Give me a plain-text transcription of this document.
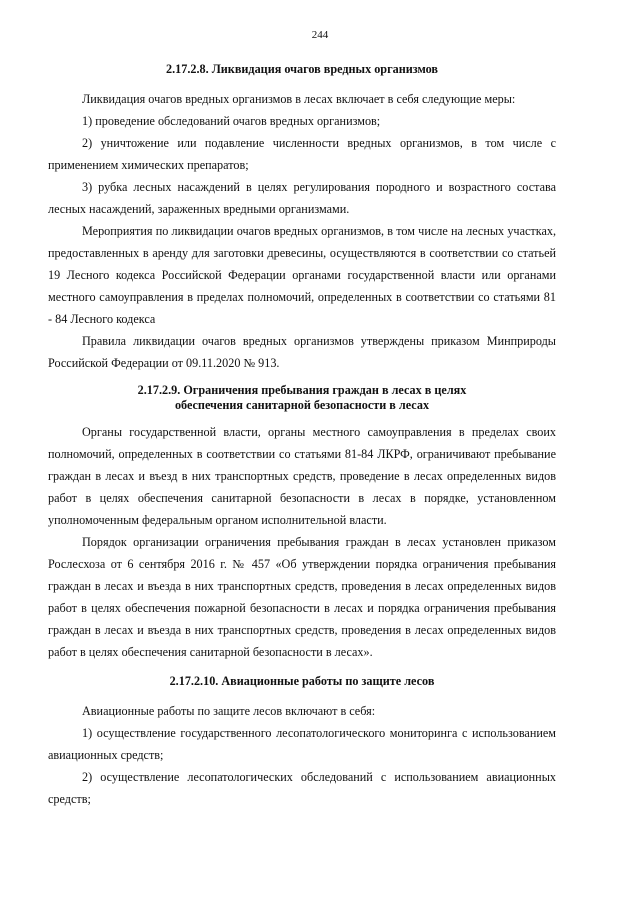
244
2.17.2.8. Ликвидация очагов вредных организмов

Ликвидация очагов вредных организмов в лесах включает в себя следующие меры:

1) проведение обследований очагов вредных организмов;

2) уничтожение или подавление численности вредных организмов, в том числе с применением химических препаратов;

3) рубка лесных насаждений в целях регулирования породного и возрастного состава лесных насаждений, зараженных вредными организмами.

Мероприятия по ликвидации очагов вредных организмов, в том числе на лесных участках, предоставленных в аренду для заготовки древесины, осуществляются в соответствии со статьей 19 Лесного кодекса Российской Федерации органами государственной власти или органами местного самоуправления в пределах полномочий, определенных в соответствии со статьями 81 - 84 Лесного кодекса

Правила ликвидации очагов вредных организмов утверждены приказом Минприроды Российской Федерации от 09.11.2020 № 913.

2.17.2.9. Ограничения пребывания граждан в лесах в целях
обеспечения санитарной безопасности в лесах

Органы государственной власти, органы местного самоуправления в пределах своих полномочий, определенных в соответствии со статьями 81-84 ЛКРФ, ограничивают пребывание граждан в лесах и въезд в них транспортных средств, проведение в лесах определенных видов работ в целях обеспечения санитарной безопасности в лесах в порядке, установленном уполномоченным федеральным органом исполнительной власти.

Порядок организации ограничения пребывания граждан в лесах установлен приказом Рослесхоза от 6 сентября 2016 г. № 457 «Об утверждении порядка ограничения пребывания граждан в лесах и въезда в них транспортных средств, проведения в лесах определенных видов работ в целях обеспечения пожарной безопасности в лесах и порядка ограничения пребывания граждан в лесах и въезда в них транспортных средств, проведения в лесах определенных видов работ в целях обеспечения санитарной безопасности в лесах».

2.17.2.10. Авиационные работы по защите лесов

Авиационные работы по защите лесов включают в себя:

1) осуществление государственного лесопатологического мониторинга с использованием авиационных средств;

2) осуществление лесопатологических обследований с использованием авиационных средств;
